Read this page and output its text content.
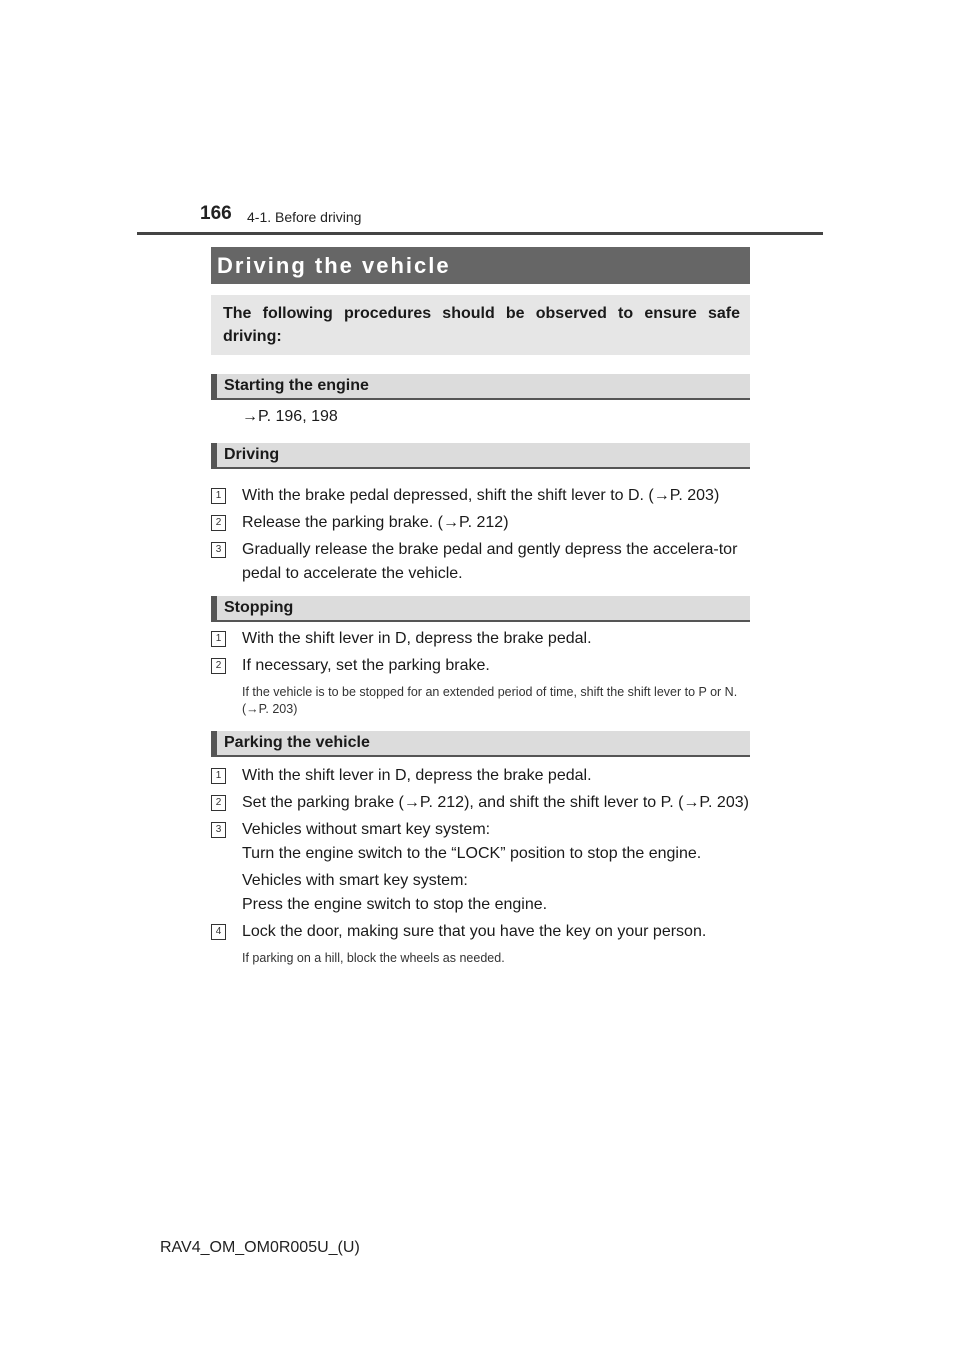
166 4-1. Before driving
Driving the vehicle
The following procedures should be observed to ensure safe driving:
Starting the engine
→P. 196, 198
Driving
1 With the brake pedal depressed, shift the shift lever to D. (→P. 203)
2 Release the parking brake. (→P. 212)
3 Gradually release the brake pedal and gently depress the accelera-tor pedal to accelerate the vehicle.
Stopping
1 With the shift lever in D, depress the brake pedal.
2 If necessary, set the parking brake.
If the vehicle is to be stopped for an extended period of time, shift the shift lever to P or N. (→P. 203)
Parking the vehicle
1 With the shift lever in D, depress the brake pedal.
2 Set the parking brake (→P. 212), and shift the shift lever to P. (→P. 203)
3 Vehicles without smart key system:
Turn the engine switch to the “LOCK” position to stop the engine.
Vehicles with smart key system:
Press the engine switch to stop the engine.
4 Lock the door, making sure that you have the key on your person.
If parking on a hill, block the wheels as needed.
RAV4_OM_OM0R005U_(U)
